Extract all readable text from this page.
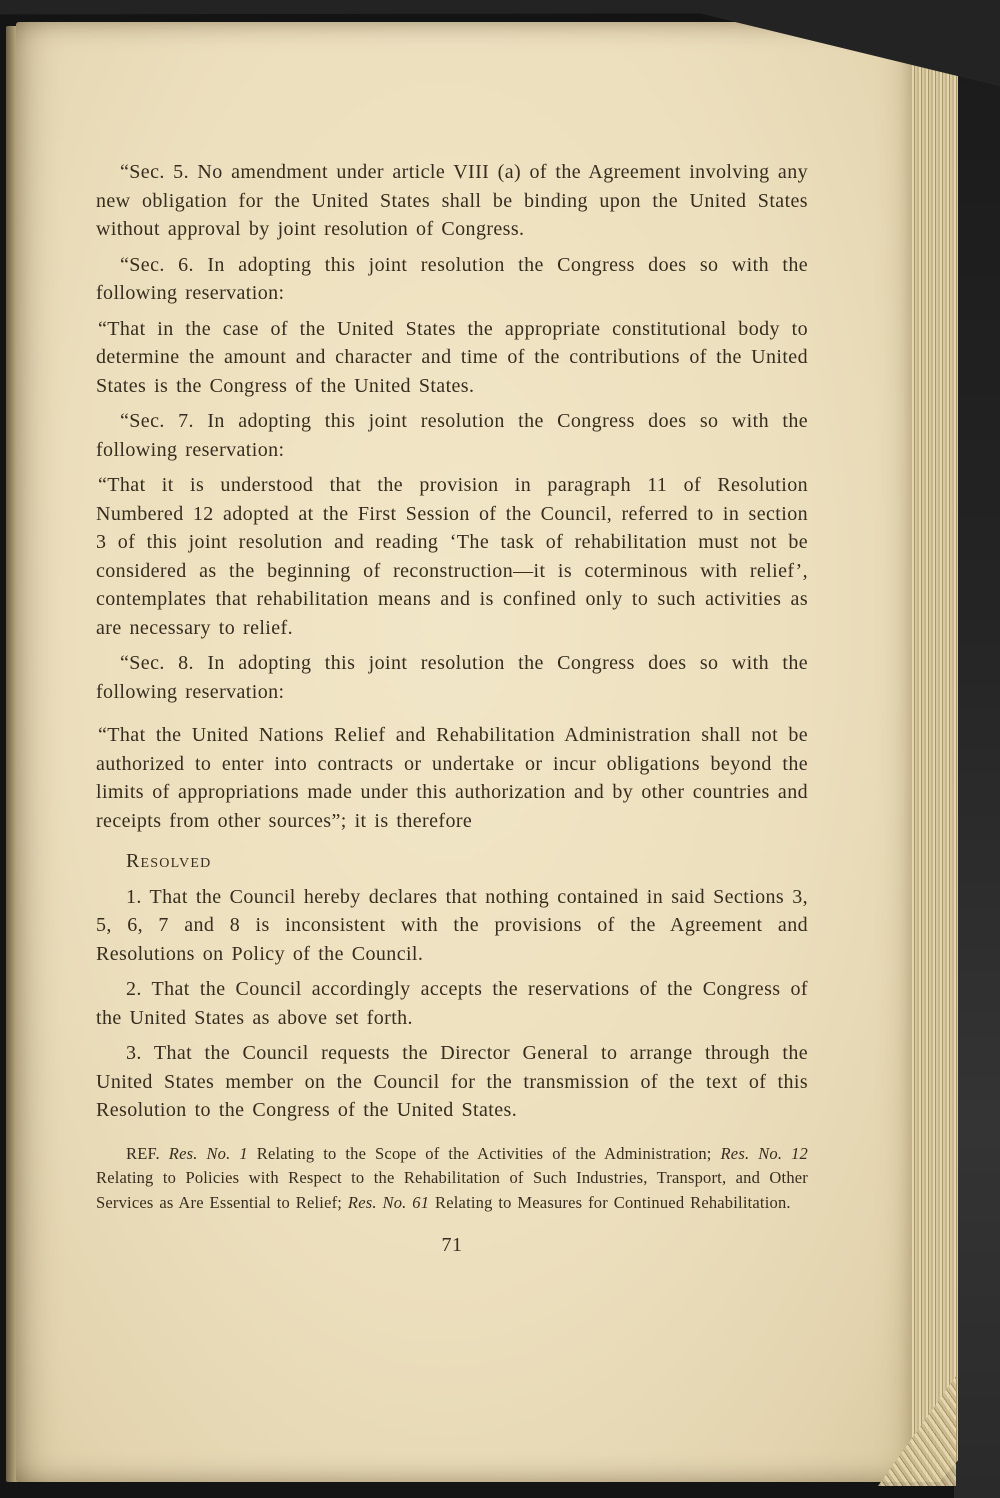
“Sec. 5. No amendment under article VIII (a) of the Agreement involving any new obligation for the United States shall be binding upon the United States without approval by joint resolution of Congress.

“Sec. 6. In adopting this joint resolution the Congress does so with the following reservation:

“That in the case of the United States the appropriate constitutional body to determine the amount and character and time of the contributions of the United States is the Congress of the United States.

“Sec. 7. In adopting this joint resolution the Congress does so with the following reservation:

“That it is understood that the provision in paragraph 11 of Resolution Numbered 12 adopted at the First Session of the Council, referred to in section 3 of this joint resolution and reading ‘The task of rehabilitation must not be considered as the beginning of reconstruction—it is coterminous with relief’, contemplates that rehabilitation means and is confined only to such activities as are necessary to relief.

“Sec. 8. In adopting this joint resolution the Congress does so with the following reservation:

“That the United Nations Relief and Rehabilitation Administration shall not be authorized to enter into contracts or undertake or incur obligations beyond the limits of appropriations made under this authorization and by other countries and receipts from other sources”; it is therefore

Resolved

1. That the Council hereby declares that nothing contained in said Sections 3, 5, 6, 7 and 8 is inconsistent with the provisions of the Agreement and Resolutions on Policy of the Council.

2. That the Council accordingly accepts the reservations of the Congress of the United States as above set forth.

3. That the Council requests the Director General to arrange through the United States member on the Council for the transmission of the text of this Resolution to the Congress of the United States.

REF. Res. No. 1 Relating to the Scope of the Activities of the Administration; Res. No. 12 Relating to Policies with Respect to the Rehabilitation of Such Industries, Transport, and Other Services as Are Essential to Relief; Res. No. 61 Relating to Measures for Continued Rehabilitation.

71
